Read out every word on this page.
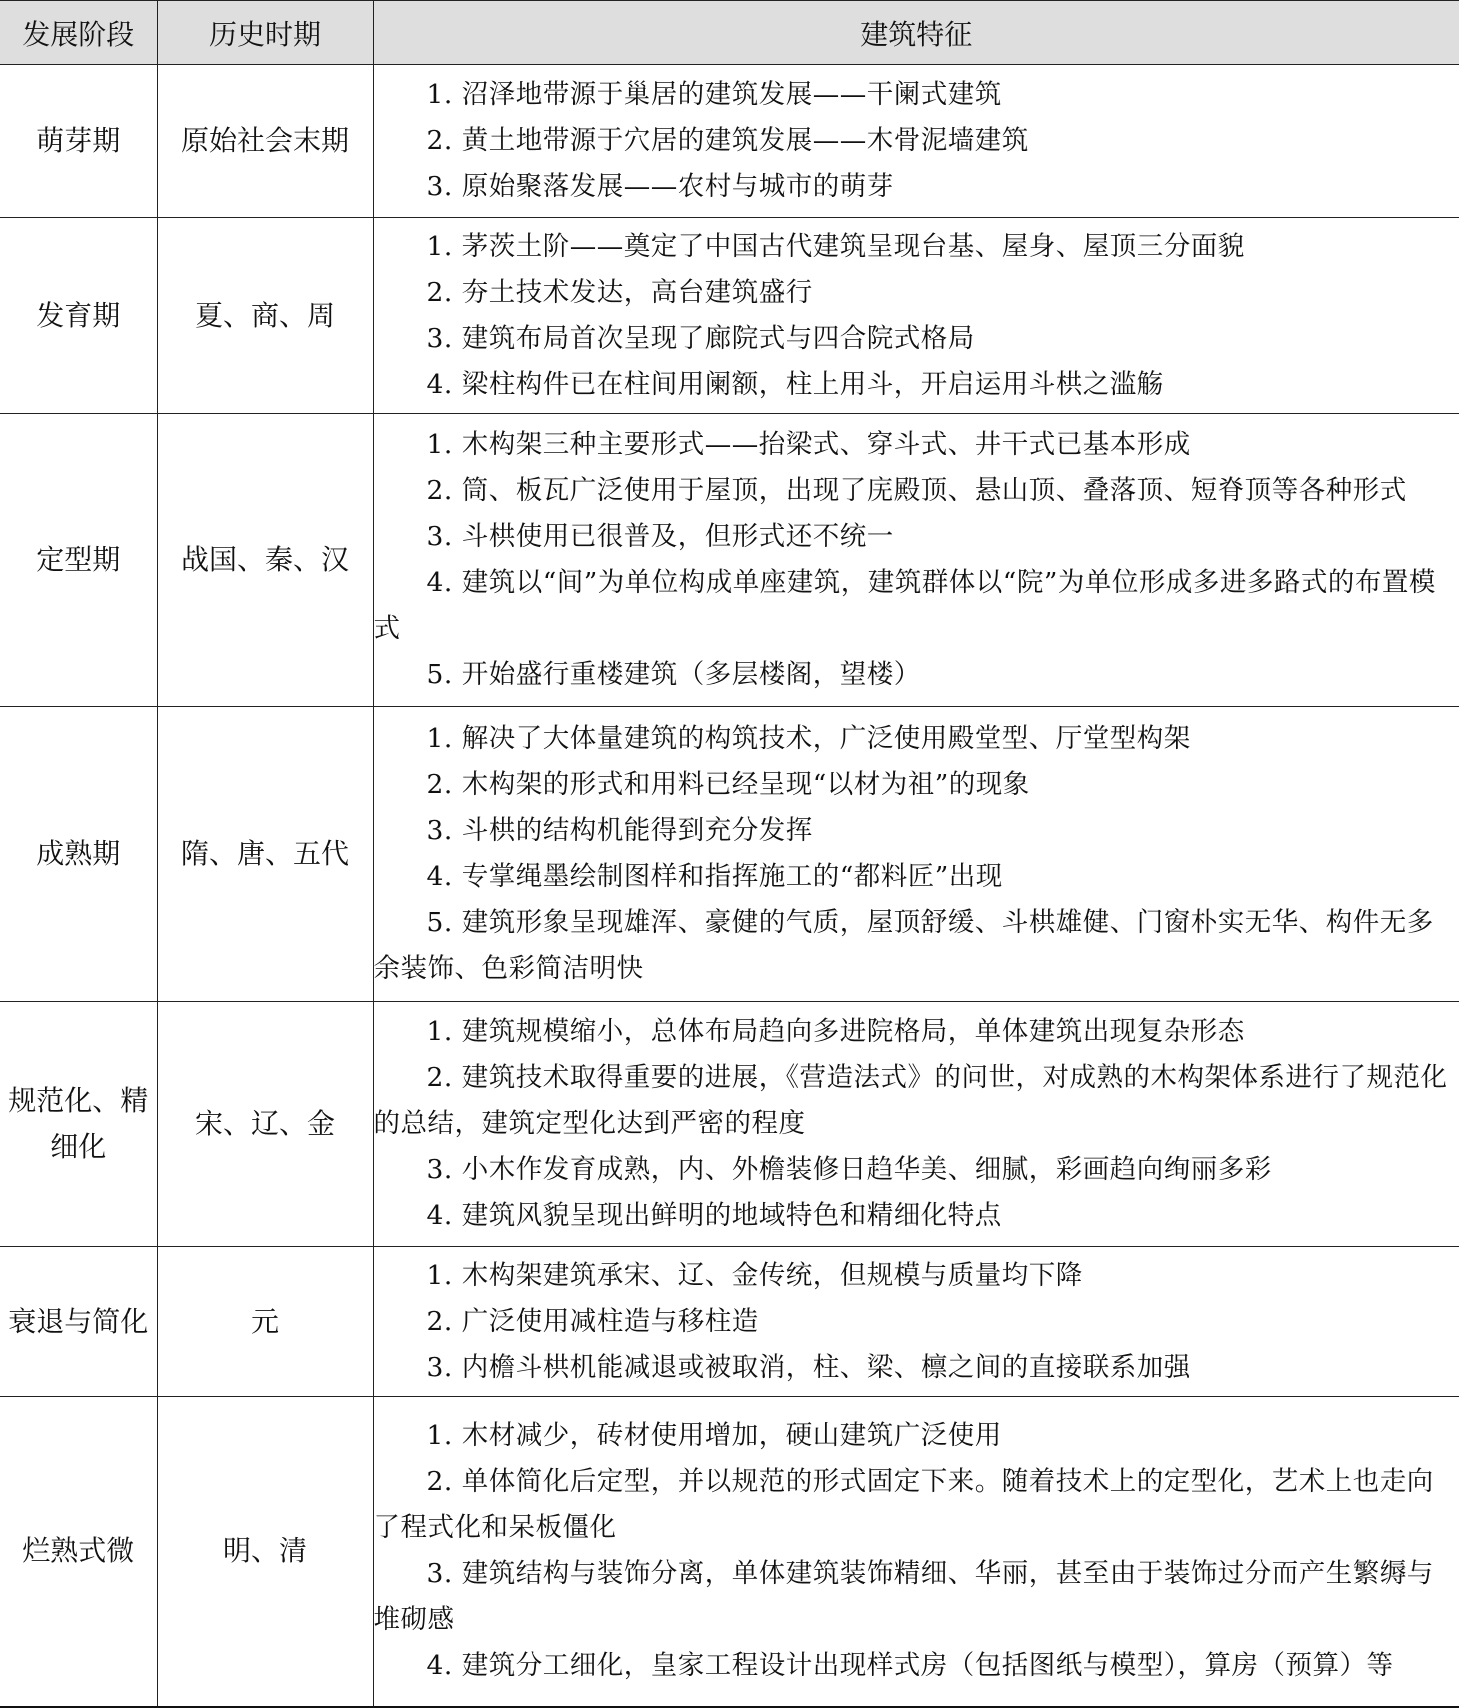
发展阶段	历史时期	建筑特征
萌芽期	原始社会末期	1. 沼泽地带源于巢居的建筑发展——干阑式建筑
2. 黄土地带源于穴居的建筑发展——木骨泥墙建筑
3. 原始聚落发展——农村与城市的萌芽

发育期	夏、商、周	1. 茅茨土阶——奠定了中国古代建筑呈现台基、屋身、屋顶三分面貌
2. 夯土技术发达，高台建筑盛行
3. 建筑布局首次呈现了廊院式与四合院式格局
4. 梁柱构件已在柱间用阑额，柱上用斗，开启运用斗栱之滥觞

定型期	战国、秦、汉	1. 木构架三种主要形式——抬梁式、穿斗式、井干式已基本形成
2. 筒、板瓦广泛使用于屋顶，出现了庑殿顶、悬山顶、叠落顶、短脊顶等各种形式
3. 斗栱使用已很普及，但形式还不统一
4. 建筑以“间”为单位构成单座建筑，建筑群体以“院”为单位形成多进多路式的布置模式
5. 开始盛行重楼建筑（多层楼阁，望楼）

成熟期	隋、唐、五代	1. 解决了大体量建筑的构筑技术，广泛使用殿堂型、厅堂型构架
2. 木构架的形式和用料已经呈现“以材为祖”的现象
3. 斗栱的结构机能得到充分发挥
4. 专掌绳墨绘制图样和指挥施工的“都料匠”出现
5. 建筑形象呈现雄浑、豪健的气质，屋顶舒缓、斗栱雄健、门窗朴实无华、构件无多余装饰、色彩简洁明快

规范化、精细化	宋、辽、金	1. 建筑规模缩小，总体布局趋向多进院格局，单体建筑出现复杂形态
2. 建筑技术取得重要的进展，《营造法式》的问世，对成熟的木构架体系进行了规范化的总结，建筑定型化达到严密的程度
3. 小木作发育成熟，内、外檐装修日趋华美、细腻，彩画趋向绚丽多彩
4. 建筑风貌呈现出鲜明的地域特色和精细化特点

衰退与简化	元	1. 木构架建筑承宋、辽、金传统，但规模与质量均下降
2. 广泛使用减柱造与移柱造
3. 内檐斗栱机能减退或被取消，柱、梁、檩之间的直接联系加强

烂熟式微	明、清	1. 木材减少，砖材使用增加，硬山建筑广泛使用
2. 单体简化后定型，并以规范的形式固定下来。随着技术上的定型化，艺术上也走向了程式化和呆板僵化
3. 建筑结构与装饰分离，单体建筑装饰精细、华丽，甚至由于装饰过分而产生繁缛与堆砌感
4. 建筑分工细化，皇家工程设计出现样式房（包括图纸与模型），算房（预算）等
